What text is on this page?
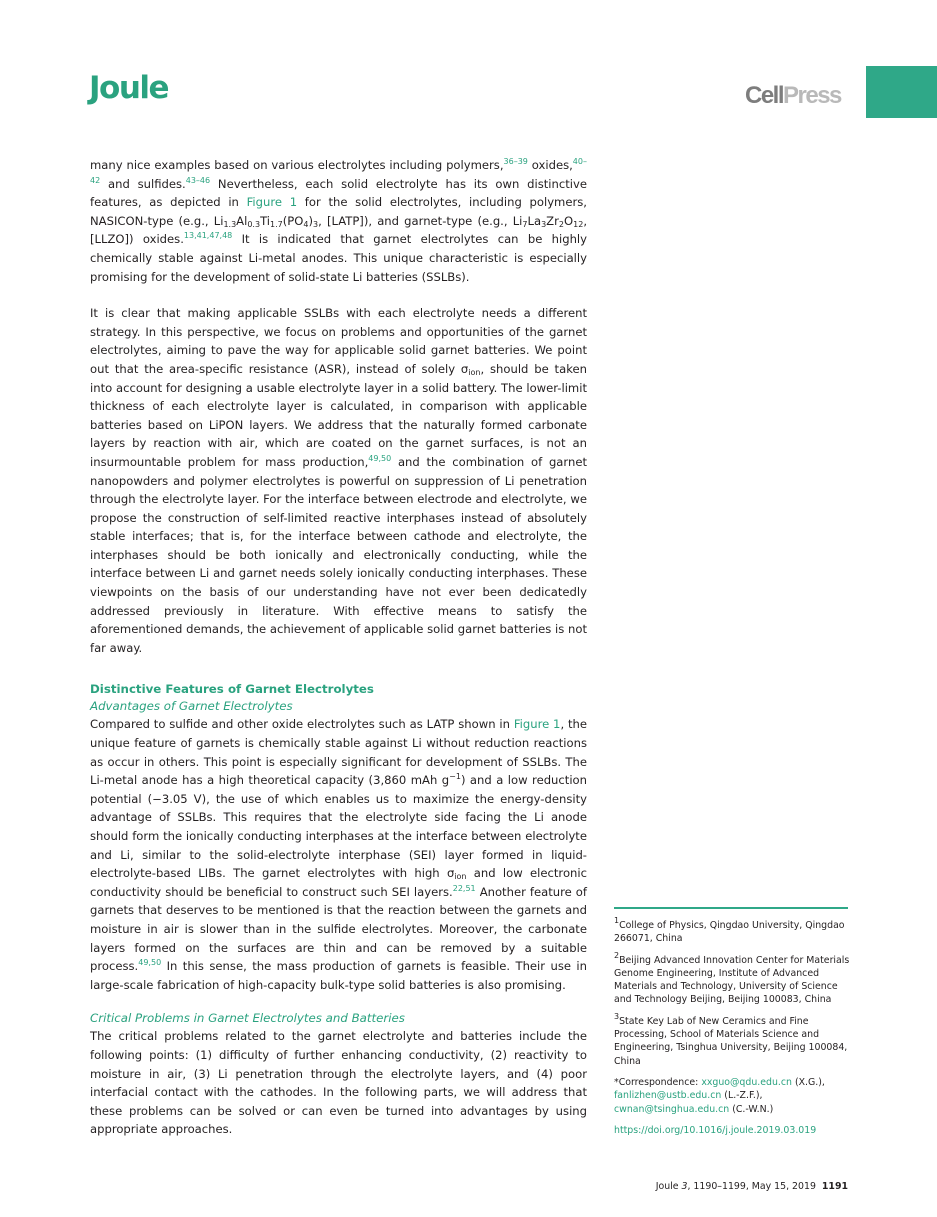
Joule	CellPress

many nice examples based on various electrolytes including polymers,$^{36-39}$ oxides,$^{40-42}$ and sulfides.$^{43-46}$ Nevertheless, each solid electrolyte has its own distinctive features, as depicted in Figure 1 for the solid electrolytes, including polymers, NASICON-type (e.g., $Li_{1.3}Al_{0.3}Ti_{1.7}(PO_4)_3$, [LATP]), and garnet-type (e.g., $Li_7La_3Zr_2O_{12}$, [LLZO]) oxides.$^{13,41,47,48}$ It is indicated that garnet electrolytes can be highly chemically stable against Li-metal anodes. This unique characteristic is especially promising for the development of solid-state Li batteries (SSLBs).

It is clear that making applicable SSLBs with each electrolyte needs a different strategy. In this perspective, we focus on problems and opportunities of the garnet electrolytes, aiming to pave the way for applicable solid garnet batteries. We point out that the area-specific resistance (ASR), instead of solely $\sigma_{ion}$, should be taken into account for designing a usable electrolyte layer in a solid battery. The lower-limit thickness of each electrolyte layer is calculated, in comparison with applicable batteries based on LiPON layers. We address that the naturally formed carbonate layers by reaction with air, which are coated on the garnet surfaces, is not an insurmountable problem for mass production,$^{49,50}$ and the combination of garnet nanopowders and polymer electrolytes is powerful on suppression of Li penetration through the electrolyte layer. For the interface between electrode and electrolyte, we propose the construction of self-limited reactive interphases instead of absolutely stable interfaces; that is, for the interface between cathode and electrolyte, the interphases should be both ionically and electronically conducting, while the interface between Li and garnet needs solely ionically conducting interphases. These viewpoints on the basis of our understanding have not ever been dedicatedly addressed previously in literature. With effective means to satisfy the aforementioned demands, the achievement of applicable solid garnet batteries is not far away.

Distinctive Features of Garnet Electrolytes
Advantages of Garnet Electrolytes

Compared to sulfide and other oxide electrolytes such as LATP shown in Figure 1, the unique feature of garnets is chemically stable against Li without reduction reactions as occur in others. This point is especially significant for development of SSLBs. The Li-metal anode has a high theoretical capacity (3,860 mAh $g^{-1}$) and a low reduction potential (−3.05 V), the use of which enables us to maximize the energy-density advantage of SSLBs. This requires that the electrolyte side facing the Li anode should form the ionically conducting interphases at the interface between electrolyte and Li, similar to the solid-electrolyte interphase (SEI) layer formed in liquid-electrolyte-based LIBs. The garnet electrolytes with high $\sigma_{ion}$ and low electronic conductivity should be beneficial to construct such SEI layers.$^{22,51}$ Another feature of garnets that deserves to be mentioned is that the reaction between the garnets and moisture in air is slower than in the sulfide electrolytes. Moreover, the carbonate layers formed on the surfaces are thin and can be removed by a suitable process.$^{49,50}$ In this sense, the mass production of garnets is feasible. Their use in large-scale fabrication of high-capacity bulk-type solid batteries is also promising.

Critical Problems in Garnet Electrolytes and Batteries

The critical problems related to the garnet electrolyte and batteries include the following points: (1) difficulty of further enhancing conductivity, (2) reactivity to moisture in air, (3) Li penetration through the electrolyte layers, and (4) poor interfacial contact with the cathodes. In the following parts, we will address that these problems can be solved or can even be turned into advantages by using appropriate approaches.

1College of Physics, Qingdao University, Qingdao 266071, China

2Beijing Advanced Innovation Center for Materials Genome Engineering, Institute of Advanced Materials and Technology, University of Science and Technology Beijing, Beijing 100083, China

3State Key Lab of New Ceramics and Fine Processing, School of Materials Science and Engineering, Tsinghua University, Beijing 100084, China

*Correspondence: xxguo@qdu.edu.cn (X.G.),
fanlizhen@ustb.edu.cn (L.-Z.F.),
cwnan@tsinghua.edu.cn (C.-W.N.)

https://doi.org/10.1016/j.joule.2019.03.019

Joule 3, 1190–1199, May 15, 2019 1191
